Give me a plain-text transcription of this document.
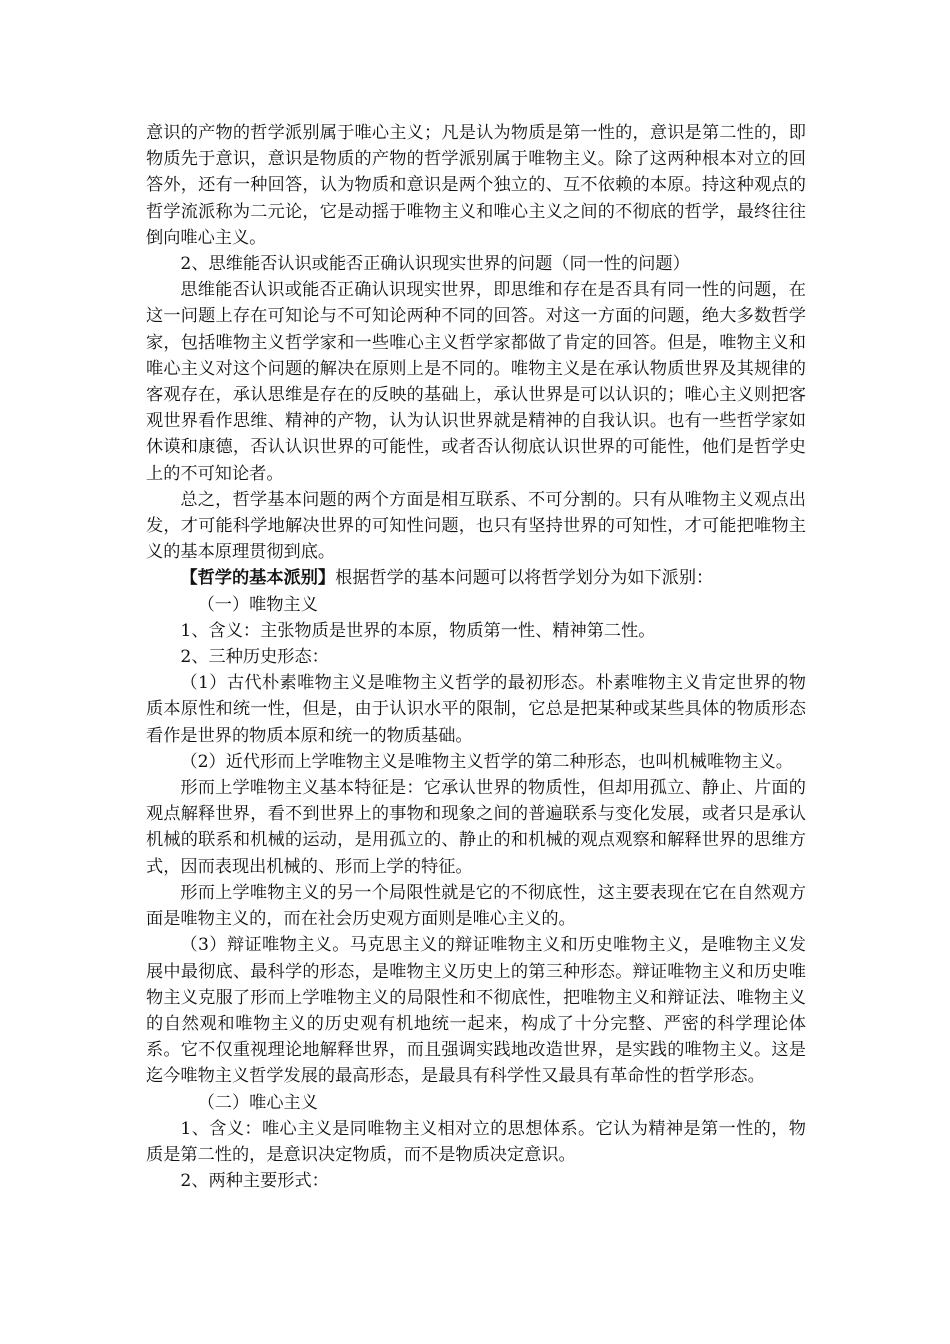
意识的产物的哲学派别属于唯心主义；凡是认为物质是第一性的，意识是第二性的，即物质先于意识，意识是物质的产物的哲学派别属于唯物主义。除了这两种根本对立的回答外，还有一种回答，认为物质和意识是两个独立的、互不依赖的本原。持这种观点的哲学流派称为二元论，它是动摇于唯物主义和唯心主义之间的不彻底的哲学，最终往往倒向唯心主义。

2、思维能否认识或能否正确认识现实世界的问题（同一性的问题）

思维能否认识或能否正确认识现实世界，即思维和存在是否具有同一性的问题，在这一问题上存在可知论与不可知论两种不同的回答。对这一方面的问题，绝大多数哲学家，包括唯物主义哲学家和一些唯心主义哲学家都做了肯定的回答。但是，唯物主义和唯心主义对这个问题的解决在原则上是不同的。唯物主义是在承认物质世界及其规律的客观存在，承认思维是存在的反映的基础上，承认世界是可以认识的；唯心主义则把客观世界看作思维、精神的产物，认为认识世界就是精神的自我认识。也有一些哲学家如休谟和康德，否认认识世界的可能性，或者否认彻底认识世界的可能性，他们是哲学史上的不可知论者。

总之，哲学基本问题的两个方面是相互联系、不可分割的。只有从唯物主义观点出发，才可能科学地解决世界的可知性问题，也只有坚持世界的可知性，才可能把唯物主义的基本原理贯彻到底。

【哲学的基本派别】根据哲学的基本问题可以将哲学划分为如下派别：

（一）唯物主义

1、含义：主张物质是世界的本原，物质第一性、精神第二性。

2、三种历史形态：

（1）古代朴素唯物主义是唯物主义哲学的最初形态。朴素唯物主义肯定世界的物质本原性和统一性，但是，由于认识水平的限制，它总是把某种或某些具体的物质形态看作是世界的物质本原和统一的物质基础。

（2）近代形而上学唯物主义是唯物主义哲学的第二种形态，也叫机械唯物主义。

形而上学唯物主义基本特征是：它承认世界的物质性，但却用孤立、静止、片面的观点解释世界，看不到世界上的事物和现象之间的普遍联系与变化发展，或者只是承认机械的联系和机械的运动，是用孤立的、静止的和机械的观点观察和解释世界的思维方式，因而表现出机械的、形而上学的特征。

形而上学唯物主义的另一个局限性就是它的不彻底性，这主要表现在它在自然观方面是唯物主义的，而在社会历史观方面则是唯心主义的。

（3）辩证唯物主义。马克思主义的辩证唯物主义和历史唯物主义，是唯物主义发展中最彻底、最科学的形态，是唯物主义历史上的第三种形态。辩证唯物主义和历史唯物主义克服了形而上学唯物主义的局限性和不彻底性，把唯物主义和辩证法、唯物主义的自然观和唯物主义的历史观有机地统一起来，构成了十分完整、严密的科学理论体系。它不仅重视理论地解释世界，而且强调实践地改造世界，是实践的唯物主义。这是迄今唯物主义哲学发展的最高形态，是最具有科学性又最具有革命性的哲学形态。

（二）唯心主义

1、含义：唯心主义是同唯物主义相对立的思想体系。它认为精神是第一性的，物质是第二性的，是意识决定物质，而不是物质决定意识。

2、两种主要形式：
